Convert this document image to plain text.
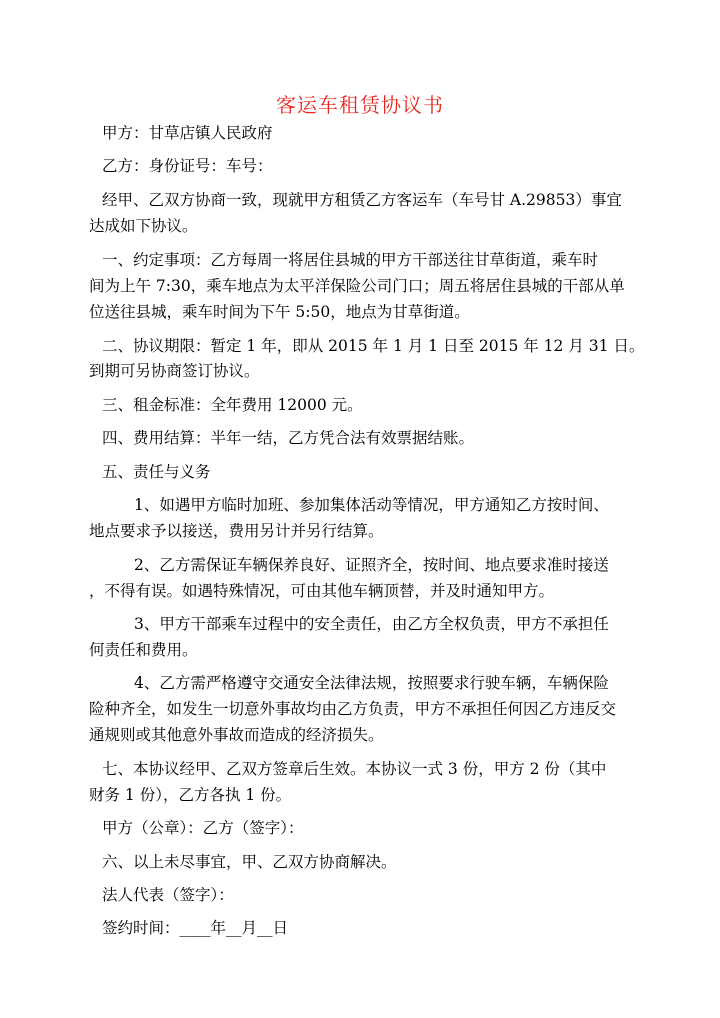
客运车租赁协议书
甲方：甘草店镇人民政府
乙方：身份证号：车号：
经甲、乙双方协商一致，现就甲方租赁乙方客运车（车号甘 A.29853）事宜
达成如下协议。
一、约定事项：乙方每周一将居住县城的甲方干部送往甘草街道，乘车时
间为上午 7:30，乘车地点为太平洋保险公司门口；周五将居住县城的干部从单
位送往县城，乘车时间为下午 5:50，地点为甘草街道。
二、协议期限：暂定 1 年，即从 2015 年 1 月 1 日至 2015 年 12 月 31 日。
到期可另协商签订协议。
三、租金标准：全年费用 12000 元。
四、费用结算：半年一结，乙方凭合法有效票据结账。
五、责任与义务
1、如遇甲方临时加班、参加集体活动等情况，甲方通知乙方按时间、
地点要求予以接送，费用另计并另行结算。
2、乙方需保证车辆保养良好、证照齐全，按时间、地点要求准时接送
，不得有误。如遇特殊情况，可由其他车辆顶替，并及时通知甲方。
3、甲方干部乘车过程中的安全责任，由乙方全权负责，甲方不承担任
何责任和费用。
4、乙方需严格遵守交通安全法律法规，按照要求行驶车辆，车辆保险
险种齐全，如发生一切意外事故均由乙方负责，甲方不承担任何因乙方违反交
通规则或其他意外事故而造成的经济损失。
七、本协议经甲、乙双方签章后生效。本协议一式 3 份，甲方 2 份（其中
财务 1 份），乙方各执 1 份。
甲方（公章）：乙方（签字）：
六、以上未尽事宜，甲、乙双方协商解决。
法人代表（签字）：
签约时间：____年__月__日
